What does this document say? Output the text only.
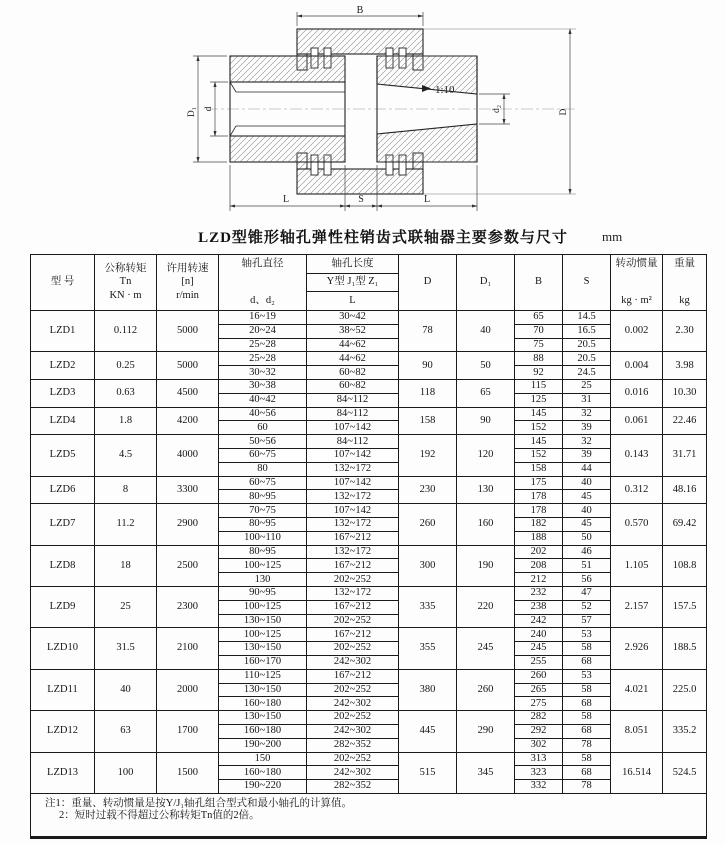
1:10
B
D₁ d	d₂	D
L	S	L
LZD型锥形轴孔弹性柱销齿式联轴器主要参数与尺寸	mm
型 号	
公称转矩
Tn
KN · m

许用转速
[n]
r/min

轴孔直径
d、d₂

轴孔长度
Y型 J₁型 Z₁
L
	D	D₁	B	S	
转动惯量
kg · m²

重量
kg

LZD1	0.112	5000	16~19	30~42	78	40	65	14.5	0.002	2.30
			20~24	38~52			70	16.5		
			25~28	44~62			75	20.5		
LZD2	0.25	5000	25~28	44~62	90	50	88	20.5	0.004	3.98
			30~32	60~82			92	24.5		
LZD3	0.63	4500	30~38	60~82	118	65	115	25	0.016	10.30
			40~42	84~112			125	31		
LZD4	1.8	4200	40~56	84~112	158	90	145	32	0.061	22.46
			60	107~142			152	39		
LZD5	4.5	4000	50~56	84~112	192	120	145	32	0.143	31.71
			60~75	107~142			152	39		
			80	132~172			158	44		
LZD6	8	3300	60~75	107~142	230	130	175	40	0.312	48.16
			80~95	132~172			178	45		
LZD7	11.2	2900	70~75	107~142	260	160	178	40	0.570	69.42
			80~95	132~172			182	45		
			100~110	167~212			188	50		
LZD8	18	2500	80~95	132~172	300	190	202	46	1.105	108.8
			100~125	167~212			208	51		
			130	202~252			212	56		
LZD9	25	2300	90~95	132~172	335	220	232	47	2.157	157.5
			100~125	167~212			238	52		
			130~150	202~252			242	57		
LZD10	31.5	2100	100~125	167~212	355	245	240	53	2.926	188.5
			130~150	202~252			245	58		
			160~170	242~302			255	68		
LZD11	40	2000	110~125	167~212	380	260	260	53	4.021	225.0
			130~150	202~252			265	58		
			160~180	242~302			275	68		
LZD12	63	1700	130~150	202~252	445	290	282	58	8.051	335.2
			160~180	242~302			292	68		
			190~200	282~352			302	78		
LZD13	100	1500	150	202~252	515	345	313	58	16.514	524.5
			160~180	242~302			323	68		
			190~220	282~352			332	78		

注1：重量、转动惯量是按Y/J₁轴孔组合型式和最小轴孔的计算值。
2：短时过载不得超过公称转矩Tn值的2倍。										
